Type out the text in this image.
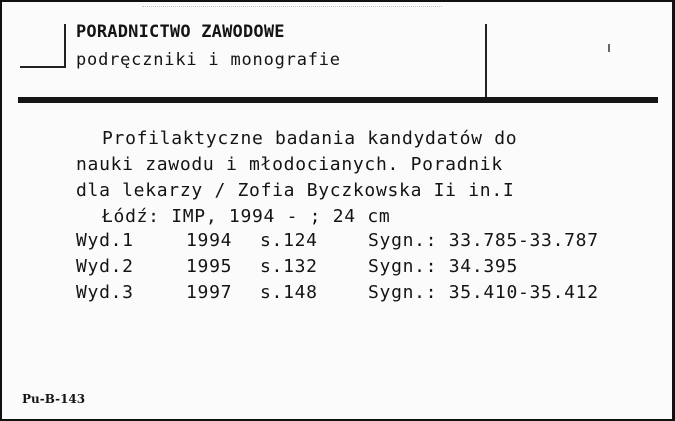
PORADNICTWO ZAWODOWE
podręczniki i monografie
Profilaktyczne badania kandydatów do
nauki zawodu i młodocianych. Poradnik
dla lekarzy / Zofia Byczkowska Ii in.I
Łódź: IMP, 1994 - ; 24 cm
Wyd.1	1994 s.124	Sygn.: 33.785-33.787
Wyd.2	1995 s.132	Sygn.: 34.395
Wyd.3	1997 s.148	Sygn.: 35.410-35.412
Pu-B-143
